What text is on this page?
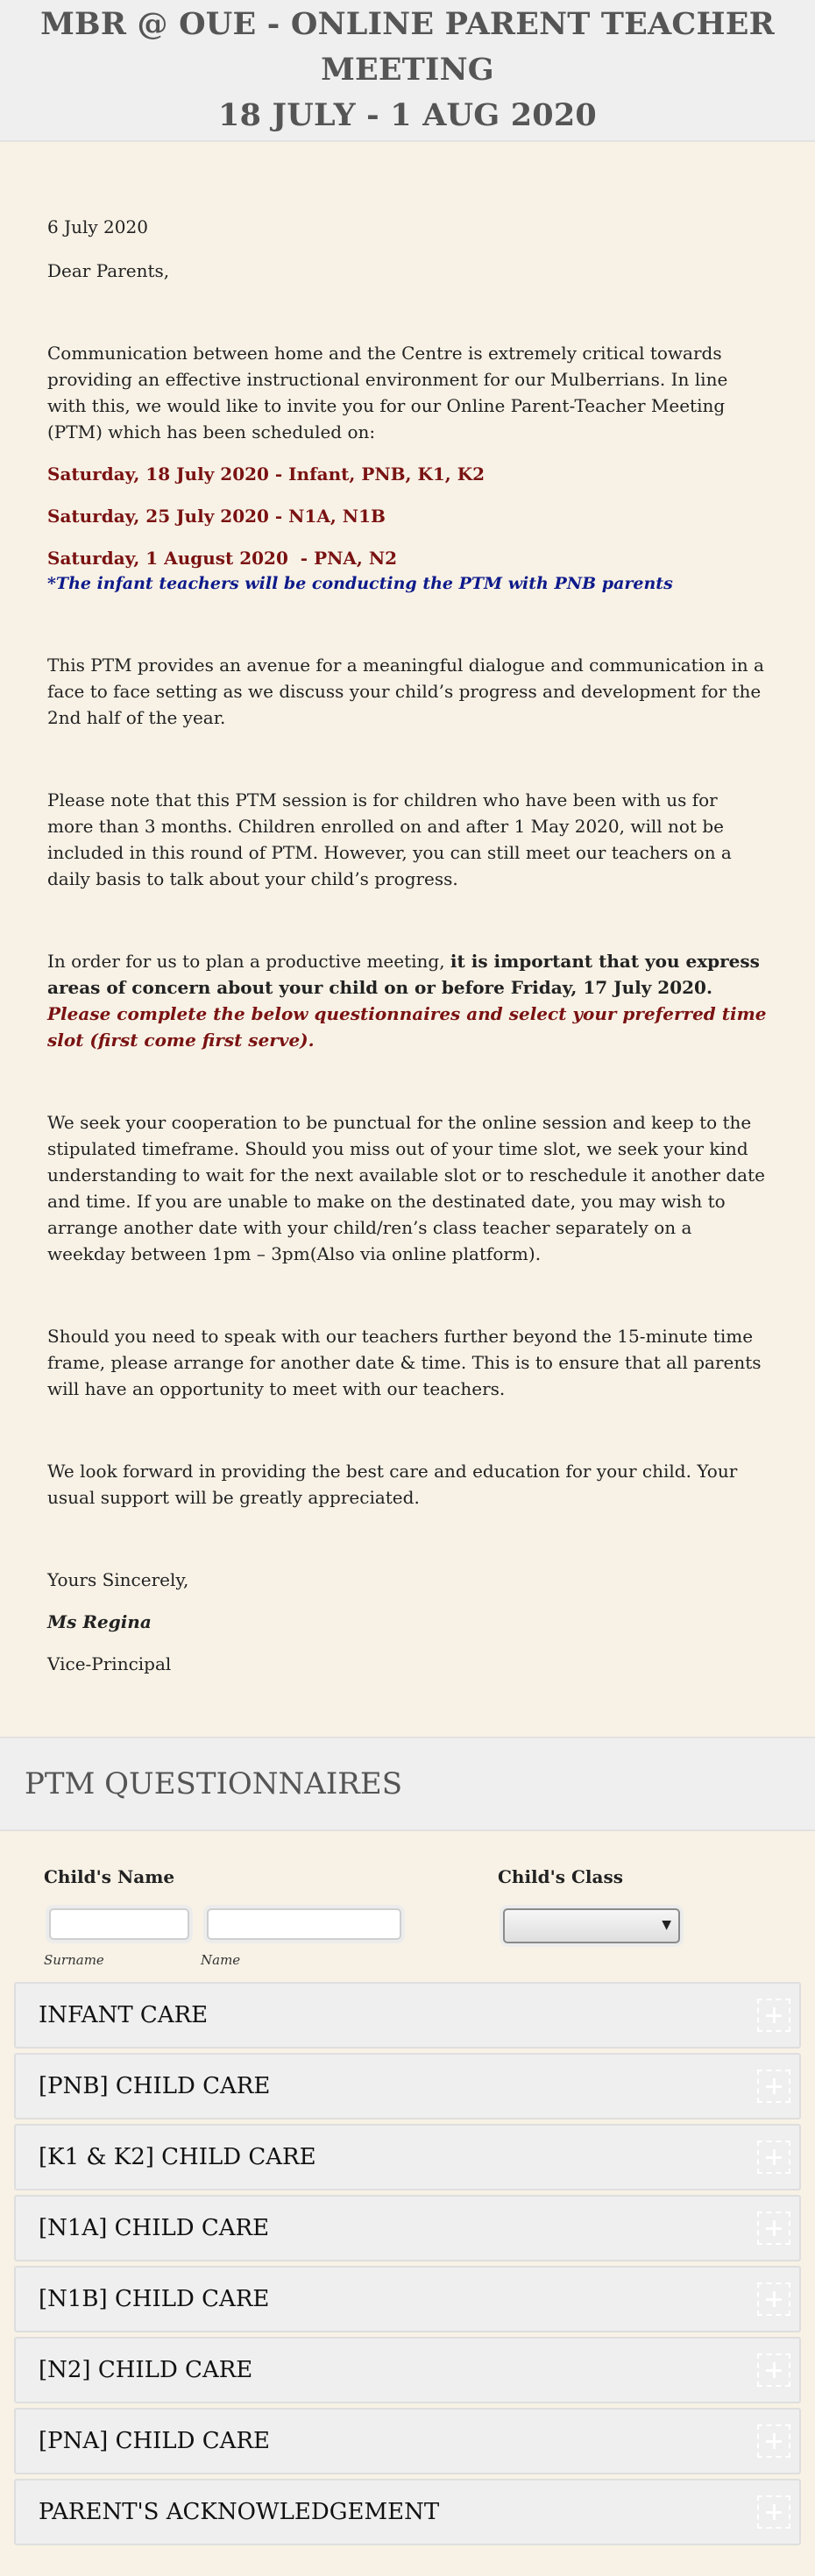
MBR @ OUE - ONLINE PARENT TEACHER MEETING
18 JULY - 1 AUG 2020

6 July 2020

Dear Parents,

Communication between home and the Centre is extremely critical towards providing an effective instructional environment for our Mulberrians. In line with this, we would like to invite you for our Online Parent-Teacher Meeting (PTM) which has been scheduled on:

Saturday, 18 July 2020 - Infant, PNB, K1, K2

Saturday, 25 July 2020 - N1A, N1B

Saturday, 1 August 2020  - PNA, N2

*The infant teachers will be conducting the PTM with PNB parents

This PTM provides an avenue for a meaningful dialogue and communication in a face to face setting as we discuss your child’s progress and development for the 2nd half of the year.

Please note that this PTM session is for children who have been with us for more than 3 months. Children enrolled on and after 1 May 2020, will not be included in this round of PTM. However, you can still meet our teachers on a daily basis to talk about your child’s progress.

In order for us to plan a productive meeting, it is important that you express areas of concern about your child on or before Friday, 17 July 2020. Please complete the below questionnaires and select your preferred time slot (first come first serve).

We seek your cooperation to be punctual for the online session and keep to the stipulated timeframe. Should you miss out of your time slot, we seek your kind understanding to wait for the next available slot or to reschedule it another date and time. If you are unable to make on the destinated date, you may wish to arrange another date with your child/ren’s class teacher separately on a weekday between 1pm – 3pm(Also via online platform).

Should you need to speak with our teachers further beyond the 15-minute time frame, please arrange for another date & time. This is to ensure that all parents will have an opportunity to meet with our teachers.

We look forward in providing the best care and education for your child. Your usual support will be greatly appreciated.

Yours Sincerely,

Ms Regina

Vice-Principal

PTM QUESTIONNAIRES
Child's Name
Surname	Name
Child's Class
▼
INFANT CARE
[PNB] CHILD CARE
[K1 & K2] CHILD CARE
[N1A] CHILD CARE
[N1B] CHILD CARE
[N2] CHILD CARE
[PNA] CHILD CARE
PARENT'S ACKNOWLEDGEMENT
